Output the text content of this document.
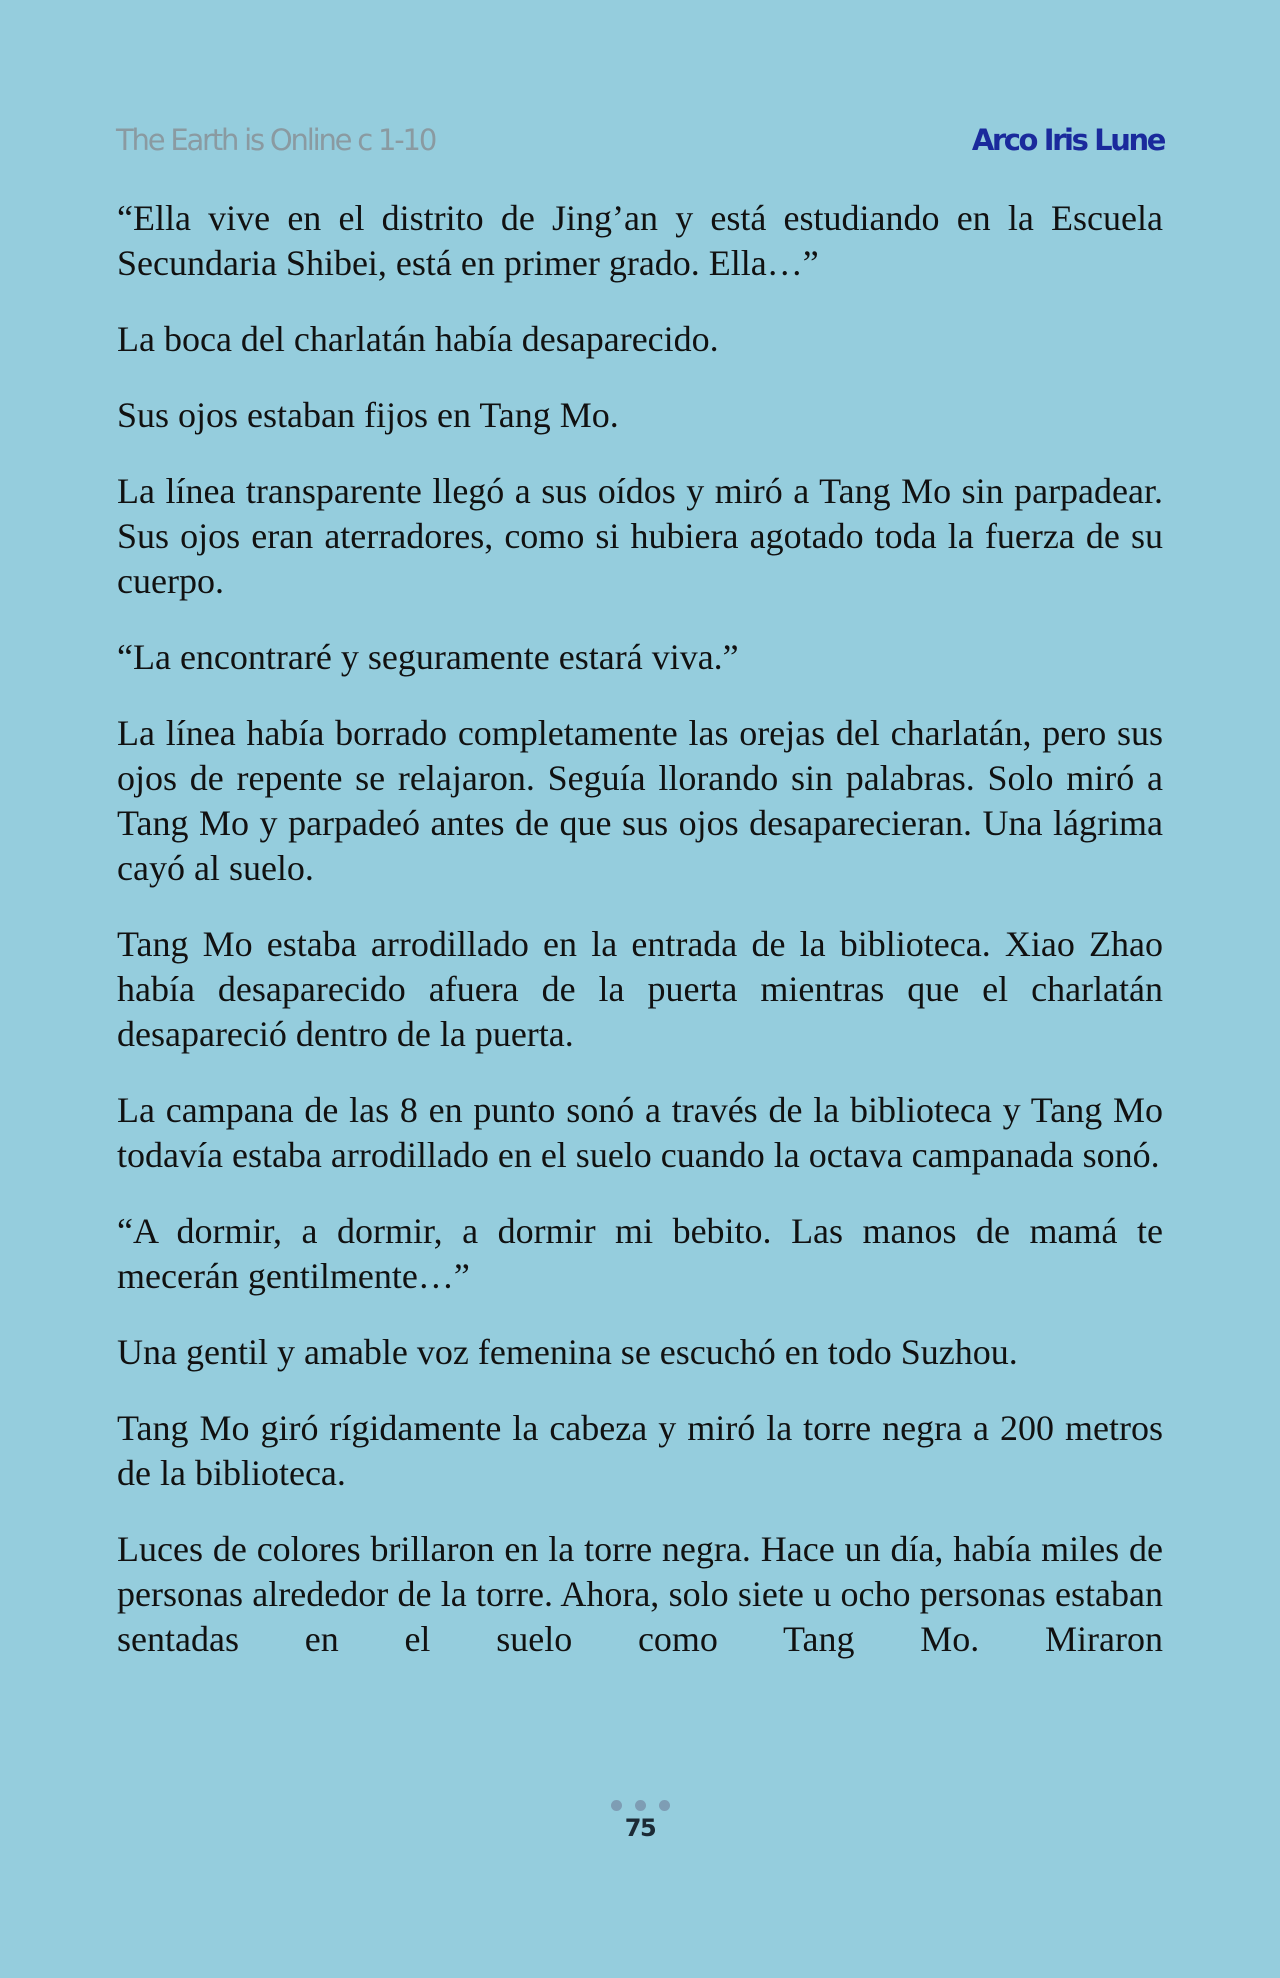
The Earth is Online c 1-10	Arco Iris Lune

“Ella vive en el distrito de Jing’an y está estudiando en la Escuela Secundaria Shibei, está en primer grado. Ella…”

La boca del charlatán había desaparecido.

Sus ojos estaban fijos en Tang Mo.

La línea transparente llegó a sus oídos y miró a Tang Mo sin parpadear. Sus ojos eran aterradores, como si hubiera agotado toda la fuerza de su cuerpo.

“La encontraré y seguramente estará viva.”

La línea había borrado completamente las orejas del charlatán, pero sus ojos de repente se relajaron. Seguía llorando sin palabras. Solo miró a Tang Mo y parpadeó antes de que sus ojos desaparecieran. Una lágrima cayó al suelo.

Tang Mo estaba arrodillado en la entrada de la biblioteca. Xiao Zhao había desaparecido afuera de la puerta mientras que el charlatán desapareció dentro de la puerta.

La campana de las 8 en punto sonó a través de la biblioteca y Tang Mo todavía estaba arrodillado en el suelo cuando la octava campanada sonó.

“A dormir, a dormir, a dormir mi bebito. Las manos de mamá te mecerán gentilmente…”

Una gentil y amable voz femenina se escuchó en todo Suzhou.

Tang Mo giró rígidamente la cabeza y miró la torre negra a 200 metros de la biblioteca.

Luces de colores brillaron en la torre negra. Hace un día, había miles de personas alrededor de la torre. Ahora, solo siete u ocho personas estaban sentadas en el suelo como Tang Mo. Miraron

75
